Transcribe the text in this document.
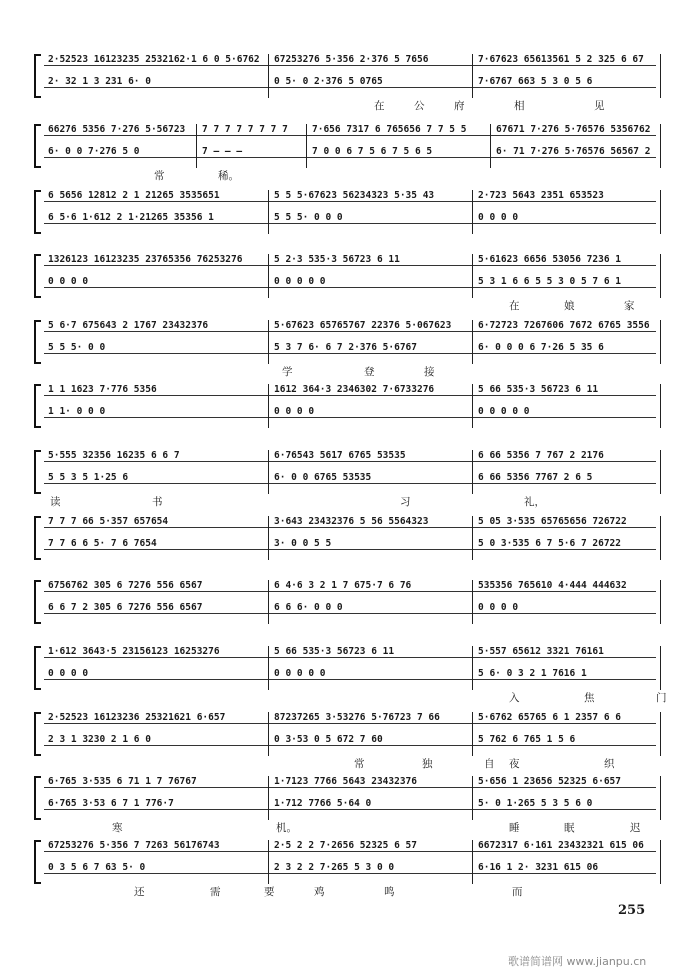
2·52523 16123235 2532162·1 6 0 5·6762 67253276 5·356 2·376 5 7656	7·67623 65613561 5 2 325 6 67
2· 32 1 3 231 6· 0	0 5· 0 2·376 5 0765	7·6767 663 5 3 0 5 6
在	公	府	相	见
66276 5356 7·276 5·56723 7 7 7 7 7 7 7 7	7·656 7317 6 765656 7 7 5 5	67671 7·276 5·76576 5356762
6· 0 0 7·276 5 0	7 — — —	7 0 0 6 7 5 6 7 5 6 5	6· 71 7·276 5·76576 56567 2
常	稀。
6 5656 12812 2 1 21265 3535651	5 5 5·67623 56234323 5·35 43	2·723 5643 2351 653523
6 5·6 1·612 2 1·21265 35356 1	5 5 5· 0 0 0	0 0 0 0
1326123 16123235 23765356 76253276	5 2·3 535·3 56723 6 11	5·61623 6656 53056 7236 1
0 0 0 0	0 0 0 0 0	5 3 1 6 6 5 5 3 0 5 7 6 1
在	娘	家
5 6·7 675643 2 1767 23432376	5·67623 65765767 22376 5·067623	6·72723 7267606 7672 6765 3556
5 5 5· 0 0	5 3 7 6· 6 7 2·376 5·6767	6· 0 0 0 6 7·26 5 35 6
学	登	接
1 1 1623 7·776 5356	1612 364·3 2346302 7·6733276	5 66 535·3 56723 6 11
1 1· 0 0 0	0 0 0 0	0 0 0 0 0
5·555 32356 16235 6 6 7	6·76543 5617 6765 53535	6 66 5356 7 767 2 2176
5 5 3 5 1·25 6	6· 0 0 6765 53535	6 66 5356 7767 2 6 5
读	书	习	礼，
7 7 7 66 5·357 657654	3·643 23432376 5 56 5564323	5 05 3·535 65765656 726722
7 7 6 6 5· 7 6 7654	3· 0 0 5 5	5 0 3·535 6 7 5·6 7 26722
6756762 305 6 7276 556 6567	6 4·6 3 2 1 7 675·7 6 76	535356 765610 4·444 444632
6 6 7 2 305 6 7276 556 6567	6 6 6· 0 0 0	0 0 0 0
1·612 3643·5 23156123 16253276	5 66 535·3 56723 6 11	5·557 65612 3321 76161
0 0 0 0	0 0 0 0 0	5 6· 0 3 2 1 7616 1
入	焦	门
2·52523 16123236 25321621 6·657	87237265 3·53276 5·76723 7 66	5·6762 65765 6 1 2357 6 6
2 3 1 3230 2 1 6 0	0 3·53 0 5 672 7 60	5 762 6 765 1 5 6
常	独	自 夜	织
6·765 3·535 6 71 1 7 76767	1·7123 7766 5643 23432376	5·656 1 23656 52325 6·657
6·765 3·53 6 7 1 776·7	1·712 7766 5·64 0	5· 0 1·265 5 3 5 6 0
寒	机。	睡	眠	迟
67253276 5·356 7 7263 56176743	2·5 2 2 7·2656 52325 6 57	6672317 6·161 23432321 615 06
0 3 5 6 7 63 5· 0	2 3 2 2 7·265 5 3 0 0	6·16 1 2· 3231 615 06
还	需	要	鸡	鸣	而
255
歌谱简谱网 www.jianpu.cn
